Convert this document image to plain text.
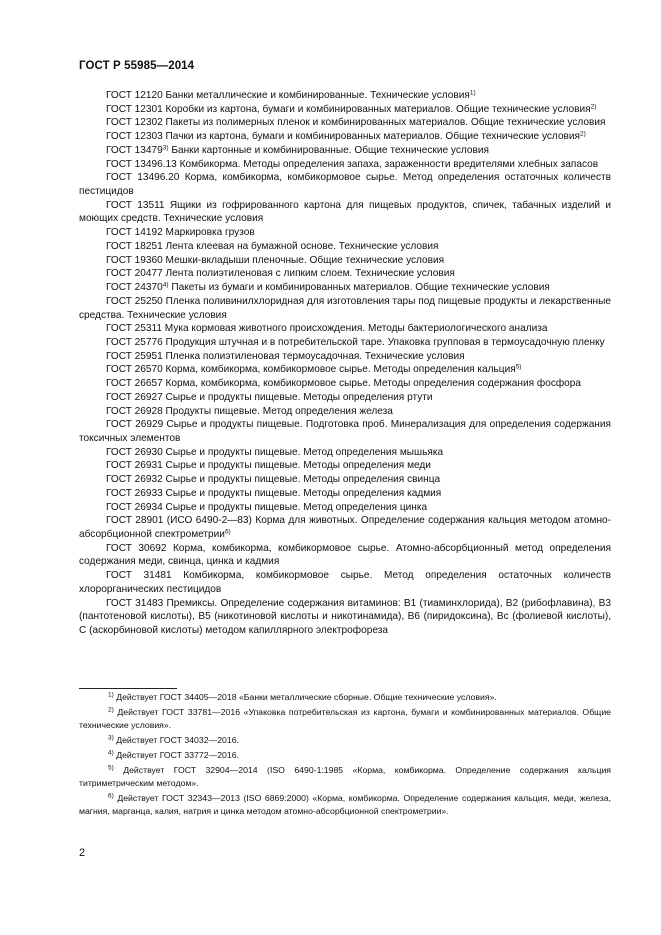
ГОСТ Р 55985—2014

ГОСТ 12120 Банки металлические и комбинированные. Технические условия$^{1)}$

ГОСТ 12301 Коробки из картона, бумаги и комбинированных материалов. Общие технические условия$^{2)}$

ГОСТ 12302 Пакеты из полимерных пленок и комбинированных материалов. Общие технические условия

ГОСТ 12303 Пачки из картона, бумаги и комбинированных материалов. Общие технические условия$^{2)}$

ГОСТ 13479$^{3)}$ Банки картонные и комбинированные. Общие технические условия

ГОСТ 13496.13 Комбикорма. Методы определения запаха, зараженности вредителями хлебных запасов

ГОСТ 13496.20 Корма, комбикорма, комбикормовое сырье. Метод определения остаточных количеств пестицидов

ГОСТ 13511 Ящики из гофрированного картона для пищевых продуктов, спичек, табачных изделий и моющих средств. Технические условия

ГОСТ 14192 Маркировка грузов

ГОСТ 18251 Лента клеевая на бумажной основе. Технические условия

ГОСТ 19360 Мешки-вкладыши пленочные. Общие технические условия

ГОСТ 20477 Лента полиэтиленовая с липким слоем. Технические условия

ГОСТ 24370$^{4)}$ Пакеты из бумаги и комбинированных материалов. Общие технические условия

ГОСТ 25250 Пленка поливинилхлоридная для изготовления тары под пищевые продукты и лекарственные средства. Технические условия

ГОСТ 25311 Мука кормовая животного происхождения. Методы бактериологического анализа

ГОСТ 25776 Продукция штучная и в потребительской таре. Упаковка групповая в термоусадочную пленку

ГОСТ 25951 Пленка полиэтиленовая термоусадочная. Технические условия

ГОСТ 26570 Корма, комбикорма, комбикормовое сырье. Методы определения кальция$^{5)}$

ГОСТ 26657 Корма, комбикорма, комбикормовое сырье. Методы определения содержания фосфора

ГОСТ 26927 Сырье и продукты пищевые. Методы определения ртути

ГОСТ 26928 Продукты пищевые. Метод определения железа

ГОСТ 26929 Сырье и продукты пищевые. Подготовка проб. Минерализация для определения содержания токсичных элементов

ГОСТ 26930 Сырье и продукты пищевые. Метод определения мышьяка

ГОСТ 26931 Сырье и продукты пищевые. Методы определения меди

ГОСТ 26932 Сырье и продукты пищевые. Методы определения свинца

ГОСТ 26933 Сырье и продукты пищевые. Методы определения кадмия

ГОСТ 26934 Сырье и продукты пищевые. Метод определения цинка

ГОСТ 28901 (ИСО 6490-2—83) Корма для животных. Определение содержания кальция методом атомно-абсорбционной спектрометрии$^{6)}$

ГОСТ 30692 Корма, комбикорма, комбикормовое сырье. Атомно-абсорбционный метод определения содержания меди, свинца, цинка и кадмия

ГОСТ 31481 Комбикорма, комбикормовое сырье. Метод определения остаточных количеств хлорорганических пестицидов

ГОСТ 31483 Премиксы. Определение содержания витаминов: B1 (тиаминхлорида), B2 (рибофлавина), B3 (пантотеновой кислоты), B5 (никотиновой кислоты и никотинамида), B6 (пиридоксина), Bc (фолиевой кислоты), C (аскорбиновой кислоты) методом капиллярного электрофореза

$^{1)}$ Действует ГОСТ 34405—2018 «Банки металлические сборные. Общие технические условия».

$^{2)}$ Действует ГОСТ 33781—2016 «Упаковка потребительская из картона, бумаги и комбинированных материалов. Общие технические условия».

$^{3)}$ Действует ГОСТ 34032—2016.

$^{4)}$ Действует ГОСТ 33772—2016.

$^{5)}$ Действует ГОСТ 32904—2014 (ISO 6490-1:1985 «Корма, комбикорма. Определение содержания кальция титриметрическим методом».

$^{6)}$ Действует ГОСТ 32343—2013 (ISO 6869:2000) «Корма, комбикорма. Определение содержания кальция, меди, железа, магния, марганца, калия, натрия и цинка методом атомно-абсорбционной спектрометрии».

2
